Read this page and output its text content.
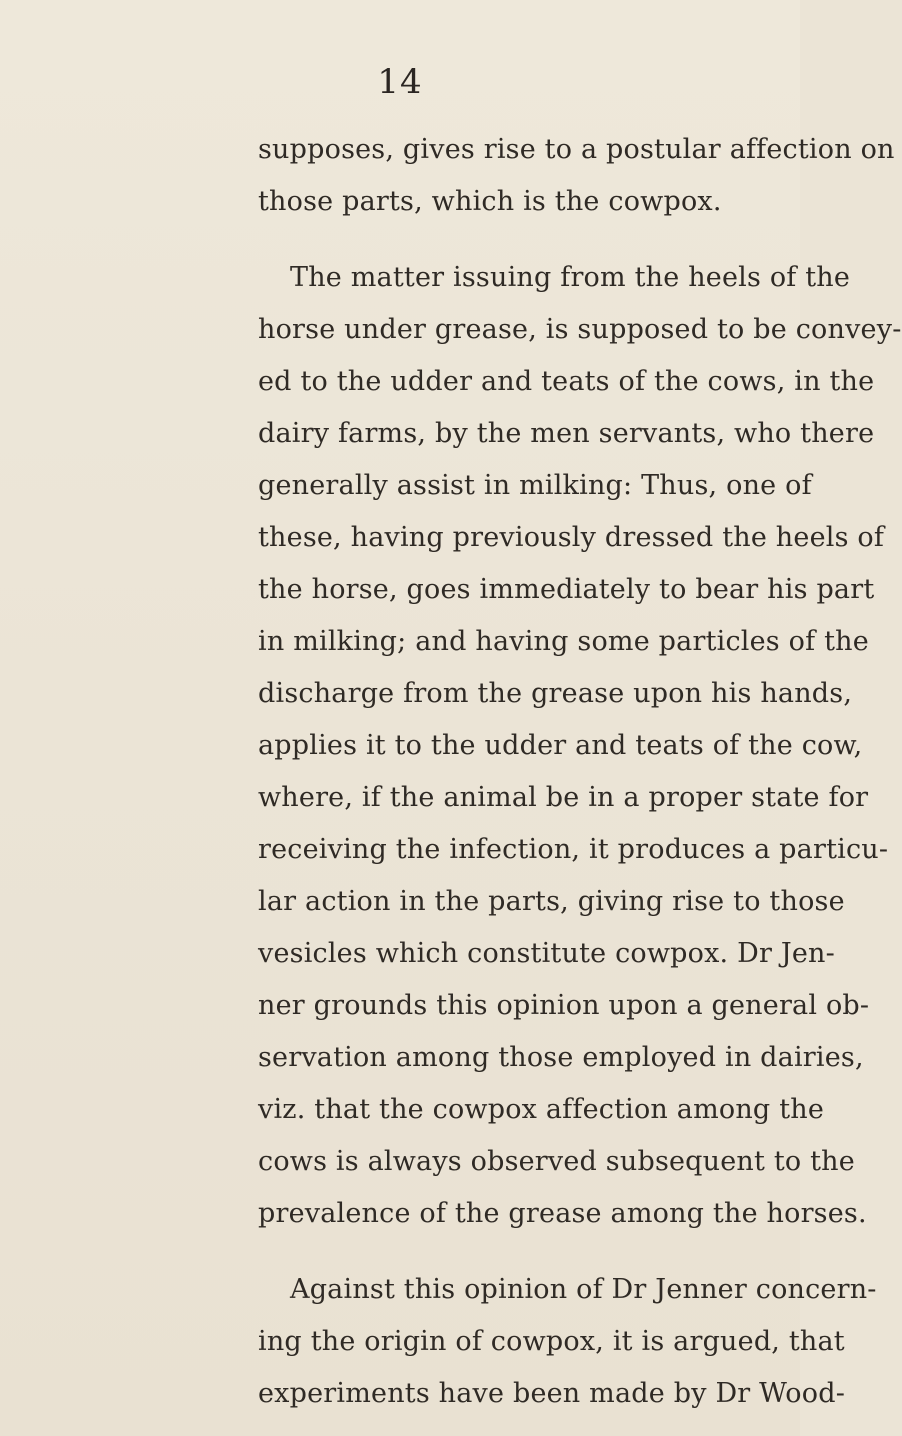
14
supposes, gives rise to a postular affection on
those parts, which is the cowpox.
The matter issuing from the heels of the
horse under grease, is supposed to be convey-
ed to the udder and teats of the cows, in the
dairy farms, by the men servants, who there
generally assist in milking: Thus, one of
these, having previously dressed the heels of
the horse, goes immediately to bear his part
in milking; and having some particles of the
discharge from the grease upon his hands,
applies it to the udder and teats of the cow,
where, if the animal be in a proper state for
receiving the infection, it produces a particu-
lar action in the parts, giving rise to those
vesicles which constitute cowpox. Dr Jen-
ner grounds this opinion upon a general ob-
servation among those employed in dairies,
viz. that the cowpox affection among the
cows is always observed subsequent to the
prevalence of the grease among the horses.
Against this opinion of Dr Jenner concern-
ing the origin of cowpox, it is argued, that
experiments have been made by Dr Wood-
